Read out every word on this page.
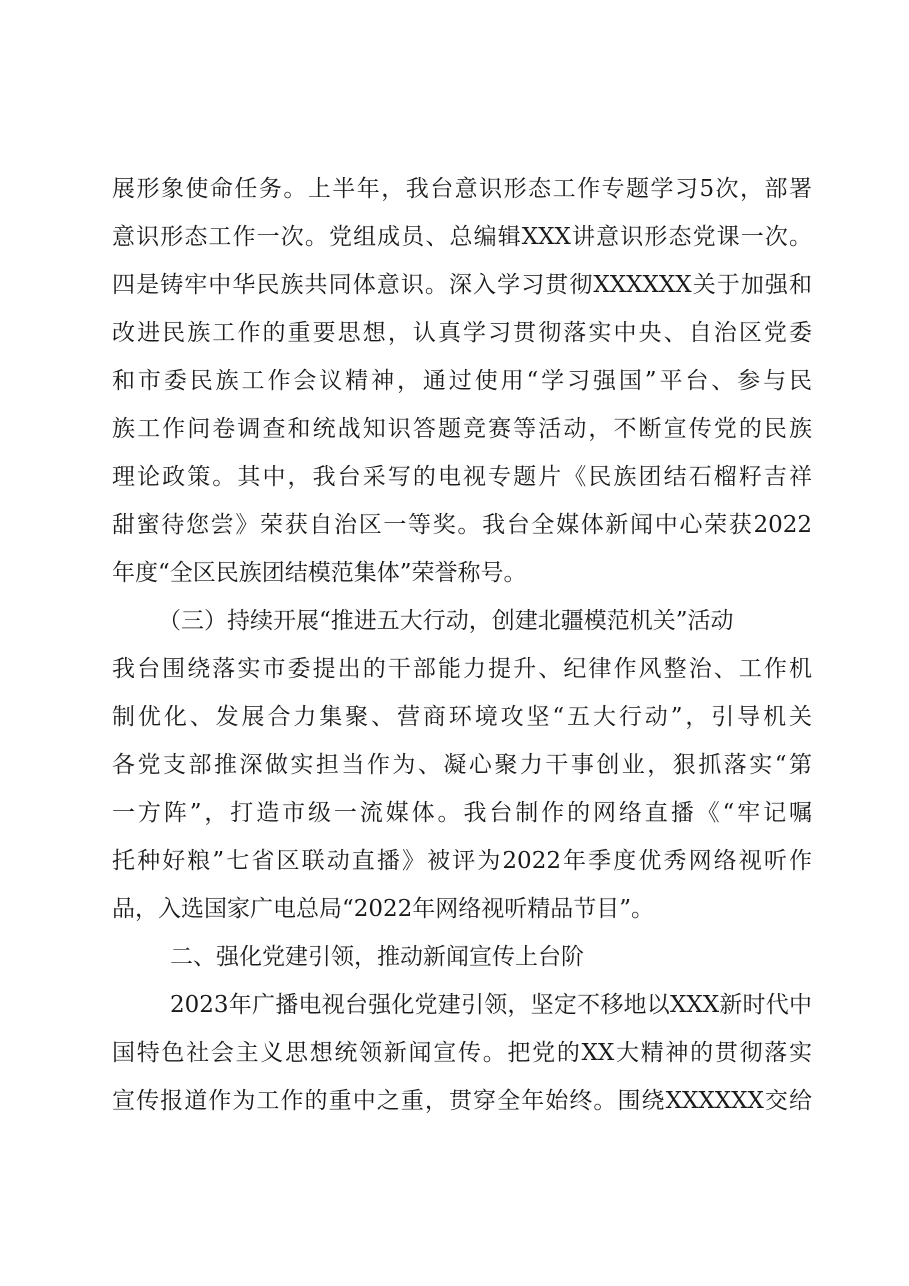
展形象使命任务。上半年，我台意识形态工作专题学习5次，部署
意识形态工作一次。党组成员、总编辑XXX讲意识形态党课一次。
四是铸牢中华民族共同体意识。深入学习贯彻XXXXXX关于加强和
改进民族工作的重要思想，认真学习贯彻落实中央、自治区党委
和市委民族工作会议精神，通过使用“学习强国”平台、参与民
族工作问卷调查和统战知识答题竞赛等活动，不断宣传党的民族
理论政策。其中，我台采写的电视专题片《民族团结石榴籽吉祥
甜蜜待您尝》荣获自治区一等奖。我台全媒体新闻中心荣获2022
年度“全区民族团结模范集体”荣誉称号。
（三）持续开展“推进五大行动，创建北疆模范机关”活动
我台围绕落实市委提出的干部能力提升、纪律作风整治、工作机
制优化、发展合力集聚、营商环境攻坚“五大行动”，引导机关
各党支部推深做实担当作为、凝心聚力干事创业，狠抓落实“第
一方阵”，打造市级一流媒体。我台制作的网络直播《“牢记嘱
托种好粮”七省区联动直播》被评为2022年季度优秀网络视听作
品，入选国家广电总局“2022年网络视听精品节目”。
二、强化党建引领，推动新闻宣传上台阶
2023年广播电视台强化党建引领，坚定不移地以XXX新时代中
国特色社会主义思想统领新闻宣传。把党的XX大精神的贯彻落实
宣传报道作为工作的重中之重，贯穿全年始终。围绕XXXXXX交给
